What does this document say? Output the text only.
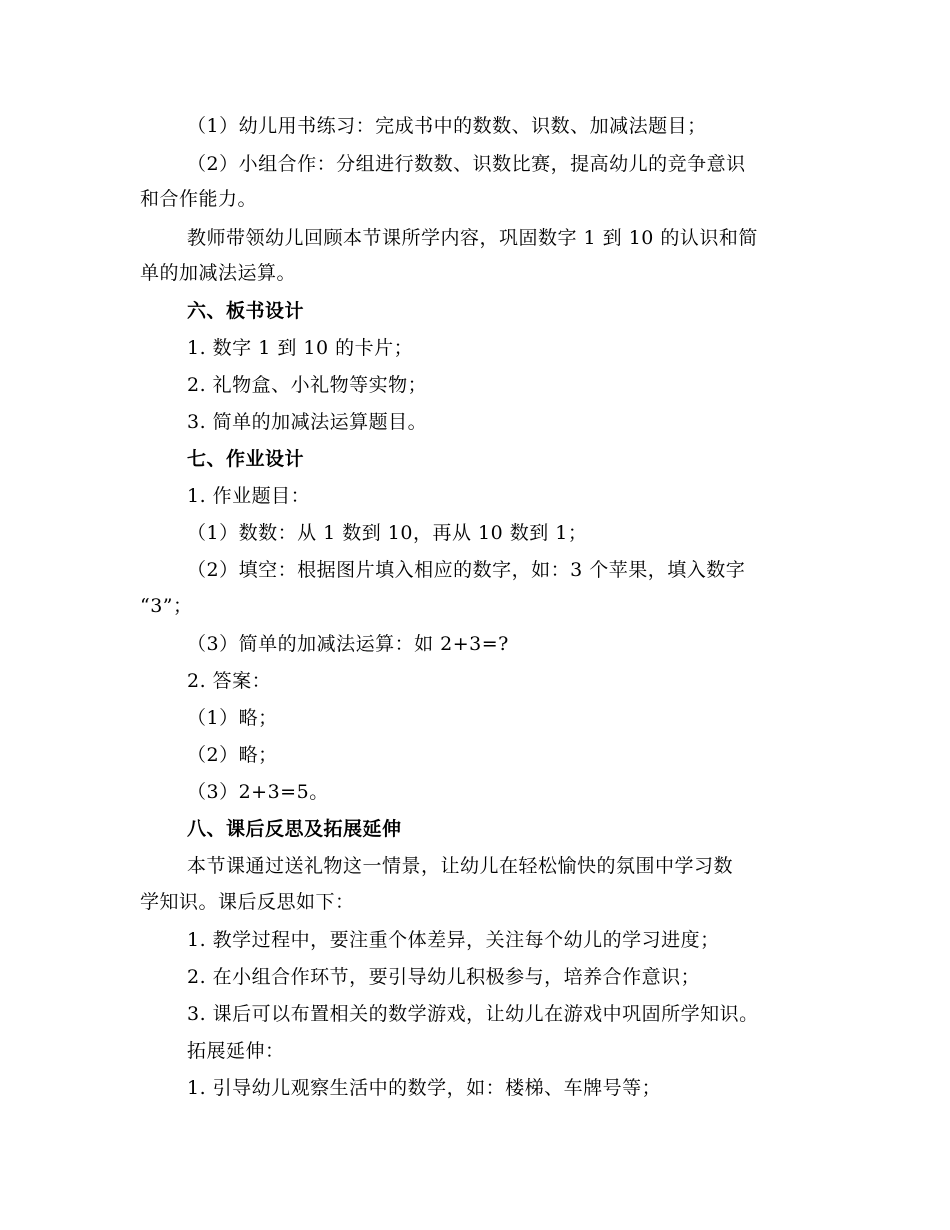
（1）幼儿用书练习：完成书中的数数、识数、加减法题目；
（2）小组合作：分组进行数数、识数比赛，提高幼儿的竞争意识
和合作能力。
教师带领幼儿回顾本节课所学内容，巩固数字 1 到 10 的认识和简
单的加减法运算。
六、板书设计
1. 数字 1 到 10 的卡片；
2. 礼物盒、小礼物等实物；
3. 简单的加减法运算题目。
七、作业设计
1. 作业题目：
（1）数数：从 1 数到 10，再从 10 数到 1；
（2）填空：根据图片填入相应的数字，如：3 个苹果，填入数字
“3”；
（3）简单的加减法运算：如 2+3=?
2. 答案：
（1）略；
（2）略；
（3）2+3=5。
八、课后反思及拓展延伸
本节课通过送礼物这一情景，让幼儿在轻松愉快的氛围中学习数
学知识。课后反思如下：
1. 教学过程中，要注重个体差异，关注每个幼儿的学习进度；
2. 在小组合作环节，要引导幼儿积极参与，培养合作意识；
3. 课后可以布置相关的数学游戏，让幼儿在游戏中巩固所学知识。
拓展延伸：
1. 引导幼儿观察生活中的数学，如：楼梯、车牌号等；
